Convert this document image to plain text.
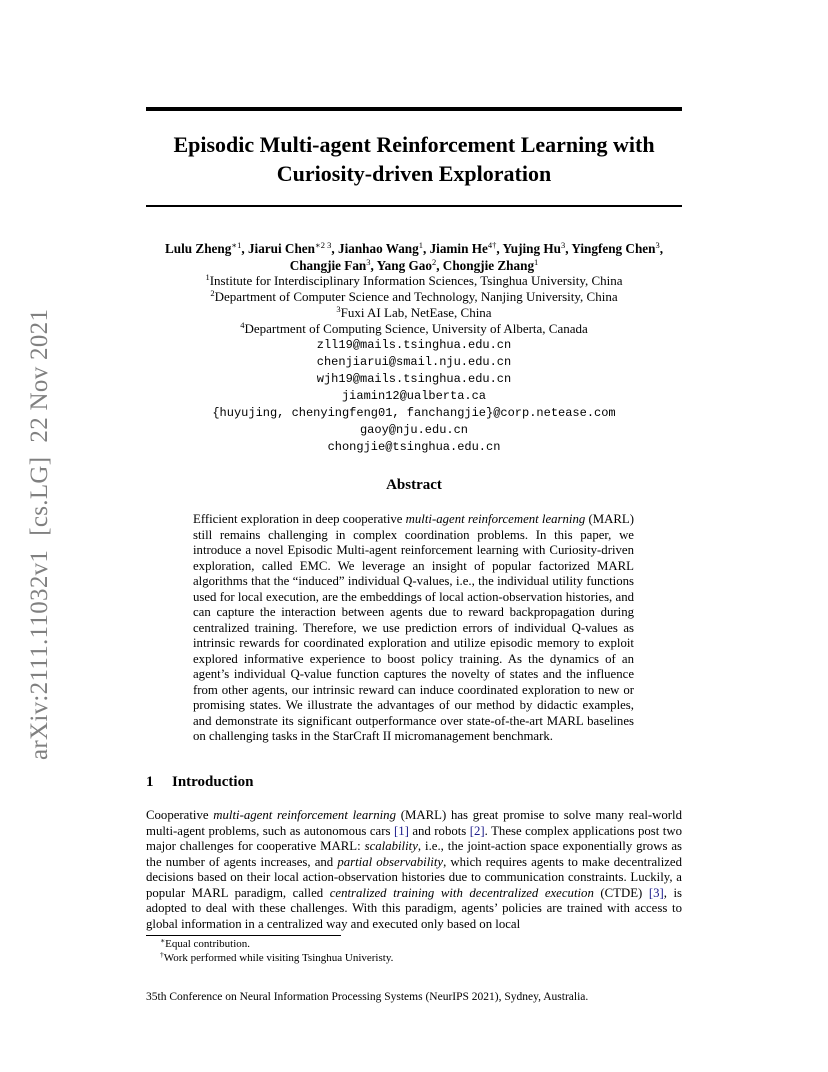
arXiv:2111.11032v1[cs.LG]22 Nov 2021
Episodic Multi-agent Reinforcement Learning with
Curiosity-driven Exploration
Lulu Zheng$^{∗1}$, Jiarui Chen$^{∗2 3}$, Jianhao Wang$^1$, Jiamin $He^{4\dagger}$, Yujing Hu$^3$, Yingfeng Chen$^3$,
Changjie Fan$^3$, Yang Gao$^2$, Chongjie Zhang$^1$
$^1$Institute for Interdisciplinary Information Sciences, Tsinghua University, China
$^2$Department of Computer Science and Technology, Nanjing University, China
$^3$Fuxi AI Lab, NetEase, China
$^4$Department of Computing Science, University of Alberta, Canada
zll19@mails.tsinghua.edu.cn
chenjiarui@smail.nju.edu.cn
wjh19@mails.tsinghua.edu.cn
jiamin12@ualberta.ca
{huyujing, chenyingfeng01, fanchangjie}@corp.netease.com
gaoy@nju.edu.cn
chongjie@tsinghua.edu.cn
Abstract
Efficient exploration in deep cooperative multi-agent reinforcement learning (MARL) still remains challenging in complex coordination problems. In this paper, we introduce a novel Episodic Multi-agent reinforcement learning with Curiosity-driven exploration, called EMC. We leverage an insight of popular factorized MARL algorithms that the “induced” individual Q-values, i.e., the individual utility functions used for local execution, are the embeddings of local action-observation histories, and can capture the interaction between agents due to reward backpropagation during centralized training. Therefore, we use prediction errors of individual Q-values as intrinsic rewards for coordinated exploration and utilize episodic memory to exploit explored informative experience to boost policy training. As the dynamics of an agent’s individual Q-value function captures the novelty of states and the influence from other agents, our intrinsic reward can induce coordinated exploration to new or promising states. We illustrate the advantages of our method by didactic examples, and demonstrate its significant outperformance over state-of-the-art MARL baselines on challenging tasks in the StarCraft II micromanagement benchmark.
1 Introduction
Cooperative multi-agent reinforcement learning (MARL) has great promise to solve many real-world multi-agent problems, such as autonomous cars [1] and robots [2]. These complex applications post two major challenges for cooperative MARL: scalability, i.e., the joint-action space exponentially grows as the number of agents increases, and partial observability, which requires agents to make decentralized decisions based on their local action-observation histories due to communication constraints. Luckily, a popular MARL paradigm, called centralized training with decentralized execution (CTDE) [3], is adopted to deal with these challenges. With this paradigm, agents’ policies are trained with access to global information in a centralized way and executed only based on local
∗Equal contribution.
†Work performed while visiting Tsinghua Univeristy.
35th Conference on Neural Information Processing Systems (NeurIPS 2021), Sydney, Australia.
